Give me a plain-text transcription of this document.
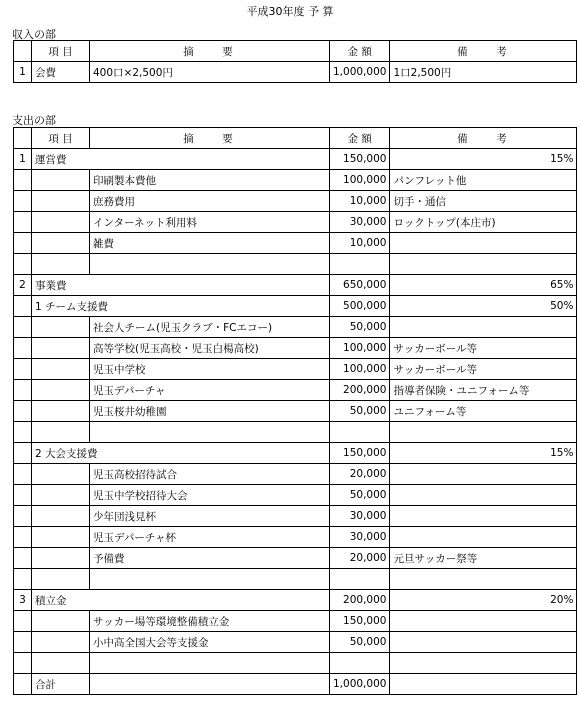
平成30年度 予 算
収入の部
	項 目	摘 要	金 額	備 考
1	会費	400口×2,500円	1,000,000	1口2,500円
支出の部
	項 目	摘 要	金 額	備 考
1	運営費		150,000	15%
		印刷製本費他	100,000	パンフレット他
		庶務費用	10,000	切手・通信
		インターネット利用料	30,000	ロックトップ(本庄市)
		雑費	10,000	

2	事業費		650,000	65%
	1 チーム支援費		500,000	50%
		社会人チーム(児玉クラブ・FCエコー)	50,000	
		高等学校(児玉高校・児玉白楊高校)	100,000	サッカーボール等
		児玉中学校	100,000	サッカーボール等
		児玉デパーチャ	200,000	指導者保険・ユニフォーム等
		児玉桜井幼稚園	50,000	ユニフォーム等

	2 大会支援費		150,000	15%
		児玉高校招待試合	20,000	
		児玉中学校招待大会	50,000	
		少年団浅見杯	30,000	
		児玉デパーチャ杯	30,000	
		予備費	20,000	元旦サッカー祭等

3	積立金		200,000	20%
		サッカー場等環境整備積立金	150,000	
		小中高全国大会等支援金	50,000	

	合計		1,000,000	
